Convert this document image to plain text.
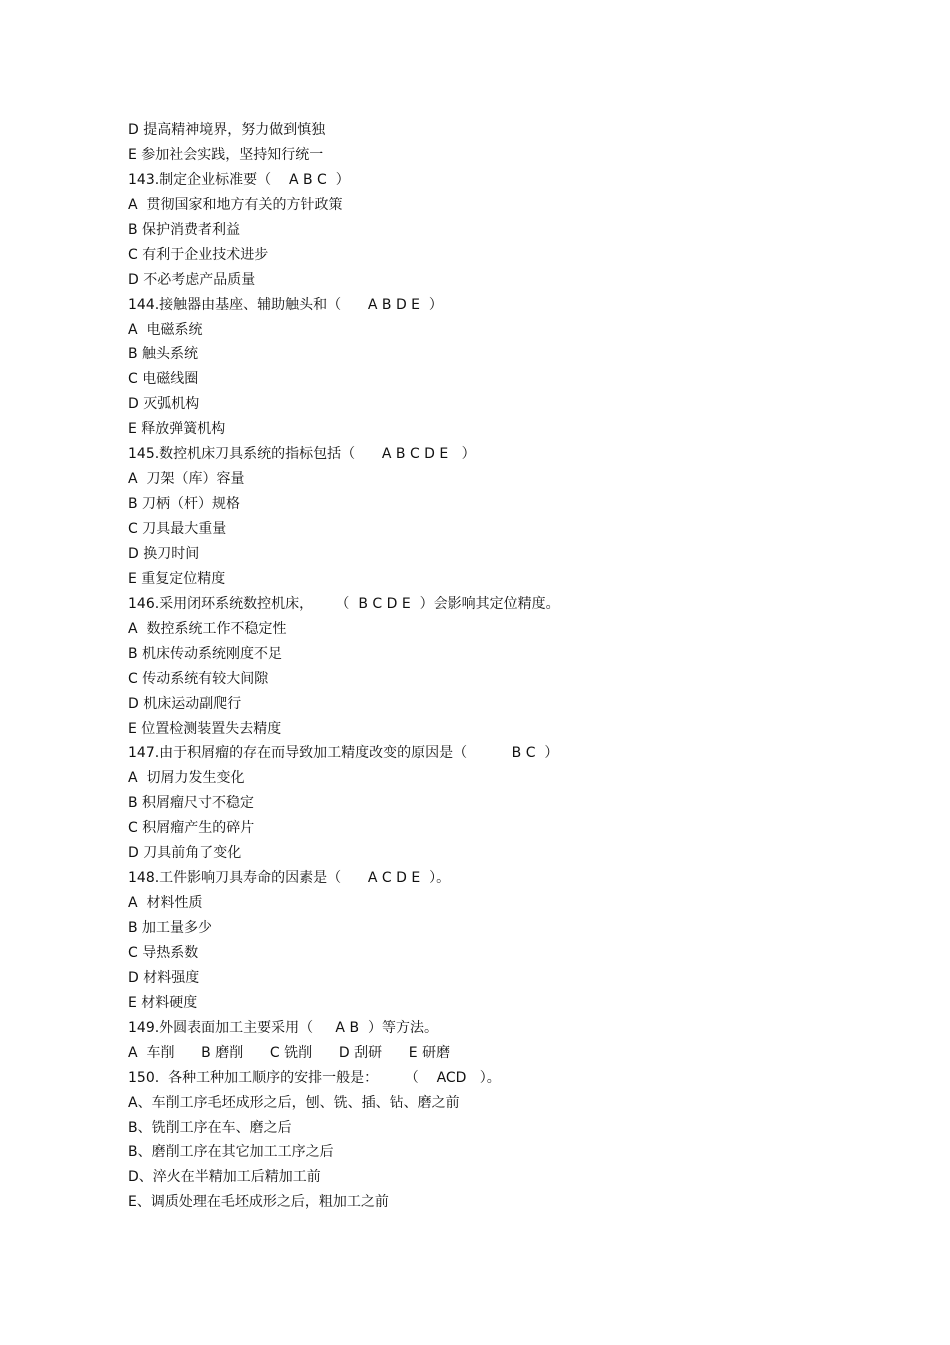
D 提高精神境界，努力做到慎独
E 参加社会实践，坚持知行统一
143.制定企业标准要（    A B C  ）
A  贯彻国家和地方有关的方针政策
B 保护消费者利益
C 有利于企业技术进步
D 不必考虑产品质量
144.接触器由基座、辅助触头和（      A B D E  ）
A  电磁系统
B 触头系统
C 电磁线圈
D 灭弧机构
E 释放弹簧机构
145.数控机床刀具系统的指标包括（      A B C D E   ）
A  刀架（库）容量
B 刀柄（杆）规格
C 刀具最大重量
D 换刀时间
E 重复定位精度
146.采用闭环系统数控机床，     （  B C D E  ）会影响其定位精度。
A  数控系统工作不稳定性
B 机床传动系统刚度不足
C 传动系统有较大间隙
D 机床运动副爬行
E 位置检测装置失去精度
147.由于积屑瘤的存在而导致加工精度改变的原因是（          B C  ）
A  切屑力发生变化
B 积屑瘤尺寸不稳定
C 积屑瘤产生的碎片
D 刀具前角了变化
148.工件影响刀具寿命的因素是（      A C D E  ）。
A  材料性质
B 加工量多少
C 导热系数
D 材料强度
E 材料硬度
149.外圆表面加工主要采用（     A B  ）等方法。
A  车削      B 磨削      C 铣削      D 刮研      E 研磨
150.  各种工种加工顺序的安排一般是：      （    ACD   ）。
A、车削工序毛坯成形之后，刨、铣、插、钻、磨之前
B、铣削工序在车、磨之后
B、磨削工序在其它加工工序之后
D、淬火在半精加工后精加工前
E、调质处理在毛坯成形之后，粗加工之前
